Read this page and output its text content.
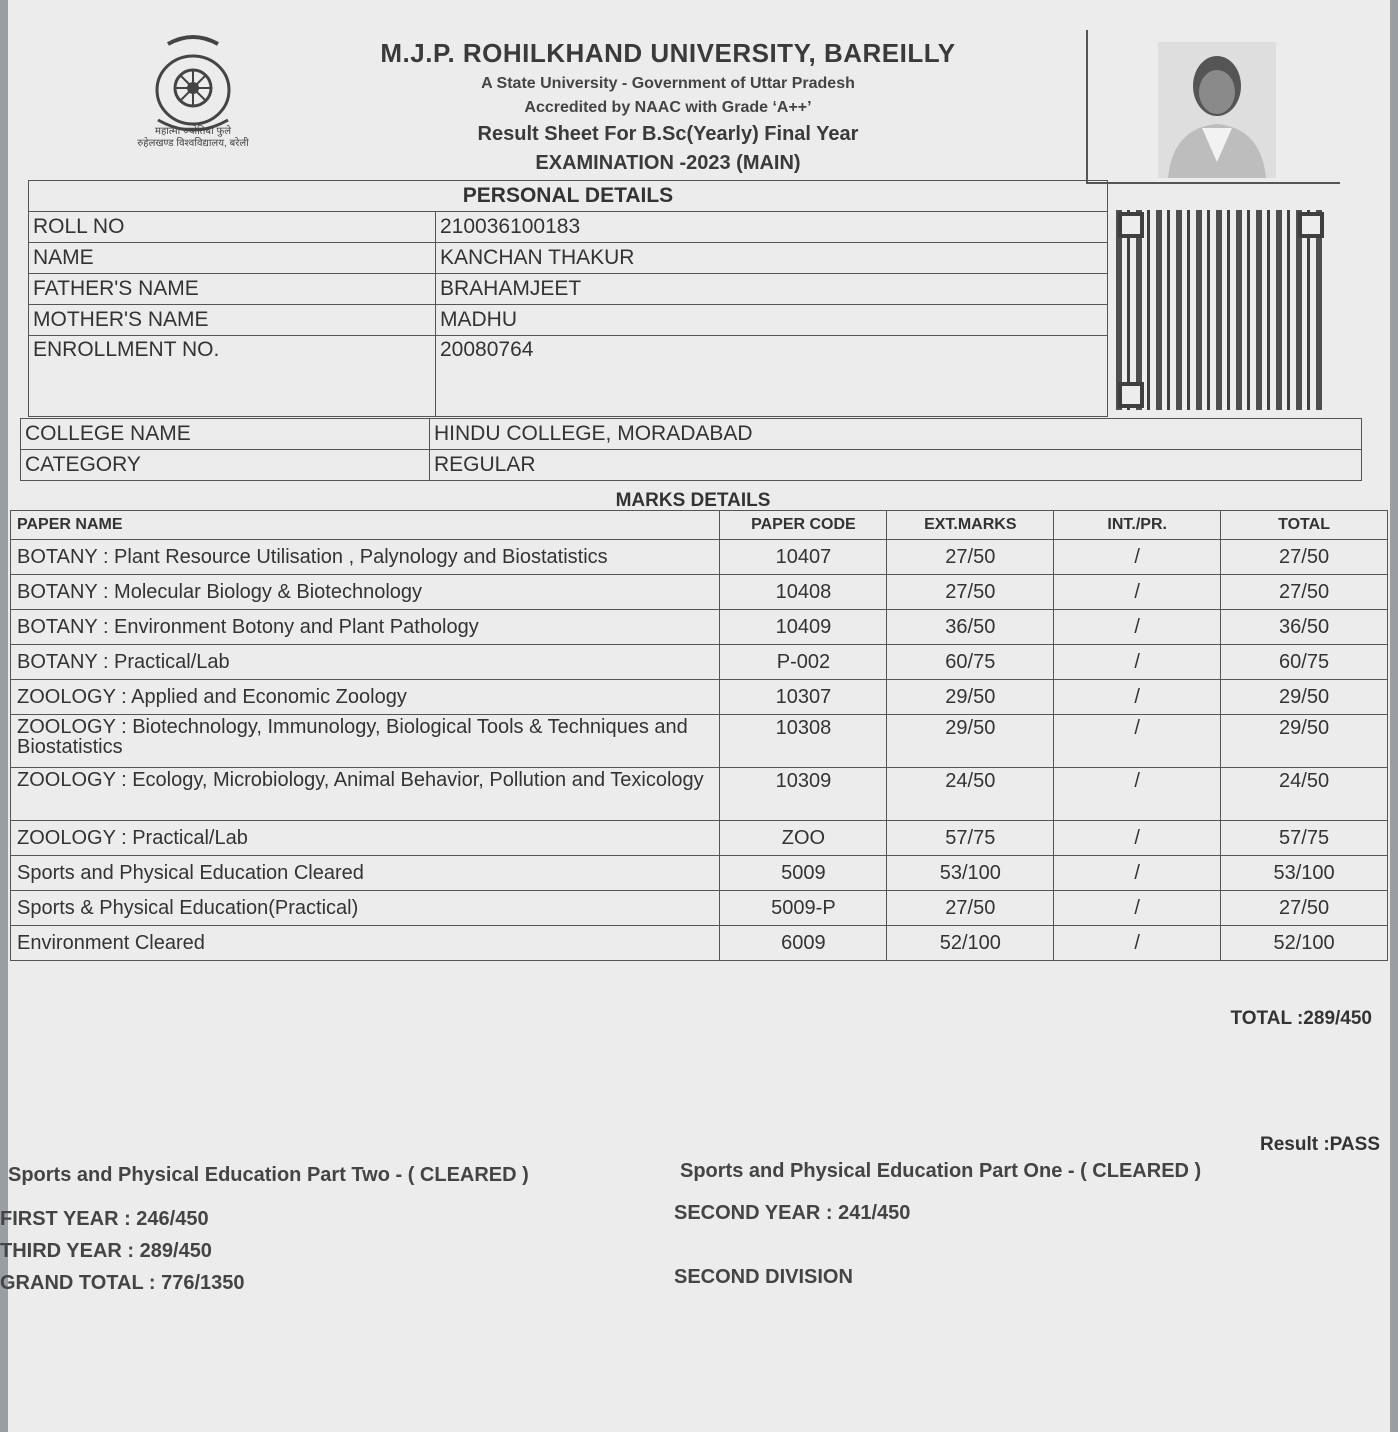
महात्मा ज्योतिबा फुले
रुहेलखण्ड विश्वविद्यालय, बरेली
M.J.P. ROHILKHAND UNIVERSITY, BAREILLY
A State University - Government of Uttar Pradesh
Accredited by NAAC with Grade ‘A++’
Result Sheet For B.Sc(Yearly) Final Year
EXAMINATION -2023 (MAIN)
PERSONAL DETAILS	
ROLL NO	210036100183
NAME	KANCHAN THAKUR
FATHER'S NAME	BRAHAMJEET
MOTHER'S NAME	MADHU
ENROLLMENT NO.	20080764
COLLEGE NAME	HINDU COLLEGE, MORADABAD
CATEGORY	REGULAR
MARKS DETAILS
PAPER NAME	PAPER CODE	EXT.MARKS	INT./PR.	TOTAL
BOTANY : Plant Resource Utilisation , Palynology and Biostatistics	10407	27/50	/	27/50
BOTANY : Molecular Biology & Biotechnology	10408	27/50	/	27/50
BOTANY : Environment Botony and Plant Pathology	10409	36/50	/	36/50
BOTANY : Practical/Lab	P-002	60/75	/	60/75
ZOOLOGY : Applied and Economic Zoology	10307	29/50	/	29/50
ZOOLOGY : Biotechnology, Immunology, Biological Tools & Techniques and Biostatistics	10308	29/50	/	29/50
ZOOLOGY : Ecology, Microbiology, Animal Behavior, Pollution and Texicology	10309	24/50	/	24/50
ZOOLOGY : Practical/Lab	ZOO	57/75	/	57/75
Sports and Physical Education Cleared	5009	53/100	/	53/100
Sports & Physical Education(Practical)	5009-P	27/50	/	27/50
Environment Cleared	6009	52/100	/	52/100
TOTAL :289/450
Result :PASS
Sports and Physical Education Part Two - ( CLEARED )	Sports and Physical Education Part One - ( CLEARED )
FIRST YEAR : 246/450	SECOND YEAR : 241/450
THIRD YEAR : 289/450
GRAND TOTAL : 776/1350	SECOND DIVISION
